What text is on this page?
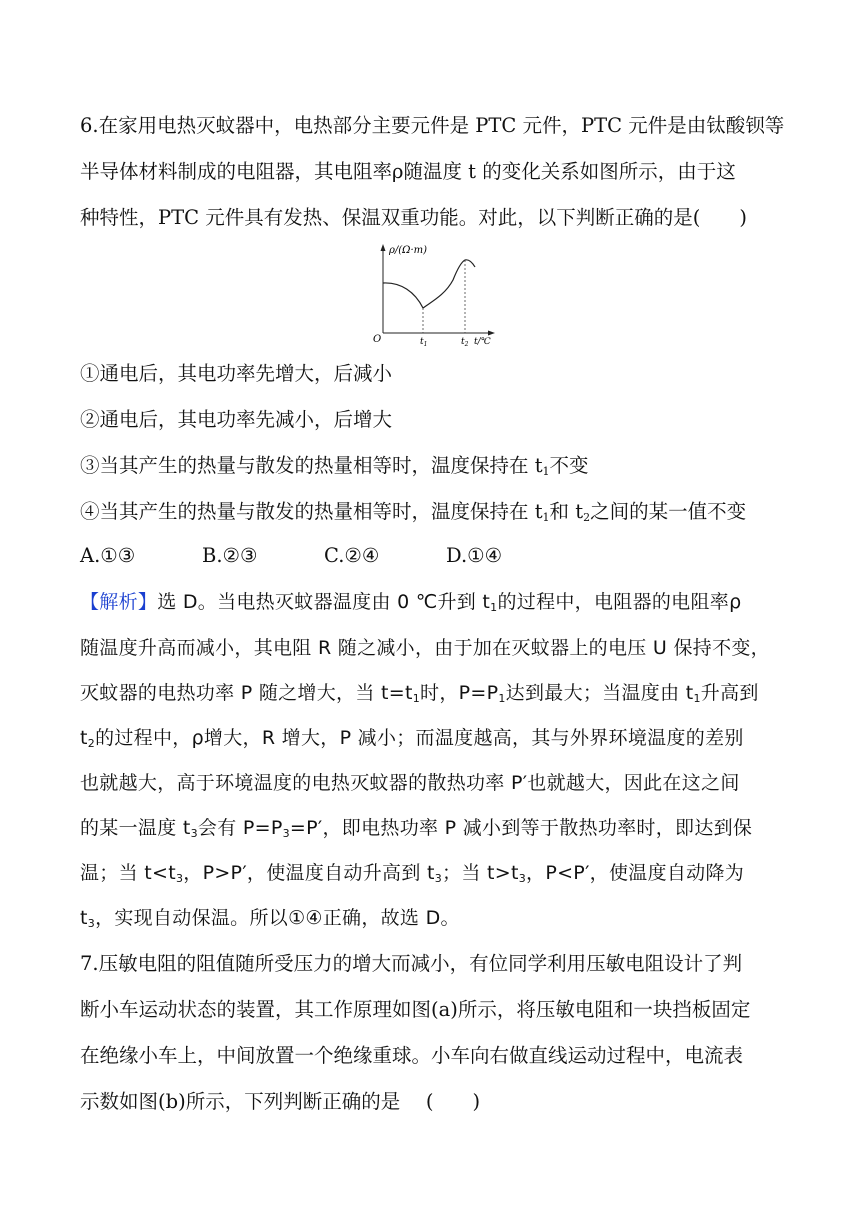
6.在家用电热灭蚊器中，电热部分主要元件是 PTC 元件，PTC 元件是由钛酸钡等
半导体材料制成的电阻器，其电阻率ρ随温度 t 的变化关系如图所示，由于这
种特性，PTC 元件具有发热、保温双重功能。对此，以下判断正确的是(　　)
ρ/(Ω·m)
O	$t_1$	$t_2$ t/℃
①通电后，其电功率先增大，后减小
②通电后，其电功率先减小，后增大
③当其产生的热量与散发的热量相等时，温度保持在 $t_1$不变
④当其产生的热量与散发的热量相等时，温度保持在 $t_1$和 $t_2$之间的某一值不变
A.①③	B.②③	C.②④	D.①④
【解析】选 D。当电热灭蚊器温度由 0 ℃升到 $t_1$的过程中，电阻器的电阻率ρ
随温度升高而减小，其电阻 R 随之减小，由于加在灭蚊器上的电压 U 保持不变，
灭蚊器的电热功率 P 随之增大，当 $t=t_1$时，$P=P_1$达到最大；当温度由 $t_1$升高到
$t_2$的过程中，ρ增大，R 增大，P 减小；而温度越高，其与外界环境温度的差别
也就越大，高于环境温度的电热灭蚊器的散热功率 P′也就越大，因此在这之间
的某一温度 $t_3$会有 $P=P_3=P'$，即电热功率 P 减小到等于散热功率时，即达到保
温；当 $t<t_3$，P>P′，使温度自动升高到 $t_3$；当 $t>t_3$，P<P′，使温度自动降为
$t_3$，实现自动保温。所以①④正确，故选 D。
7.压敏电阻的阻值随所受压力的增大而减小，有位同学利用压敏电阻设计了判
断小车运动状态的装置，其工作原理如图(a)所示，将压敏电阻和一块挡板固定
在绝缘小车上，中间放置一个绝缘重球。小车向右做直线运动过程中，电流表
示数如图(b)所示，下列判断正确的是　 (　　)
